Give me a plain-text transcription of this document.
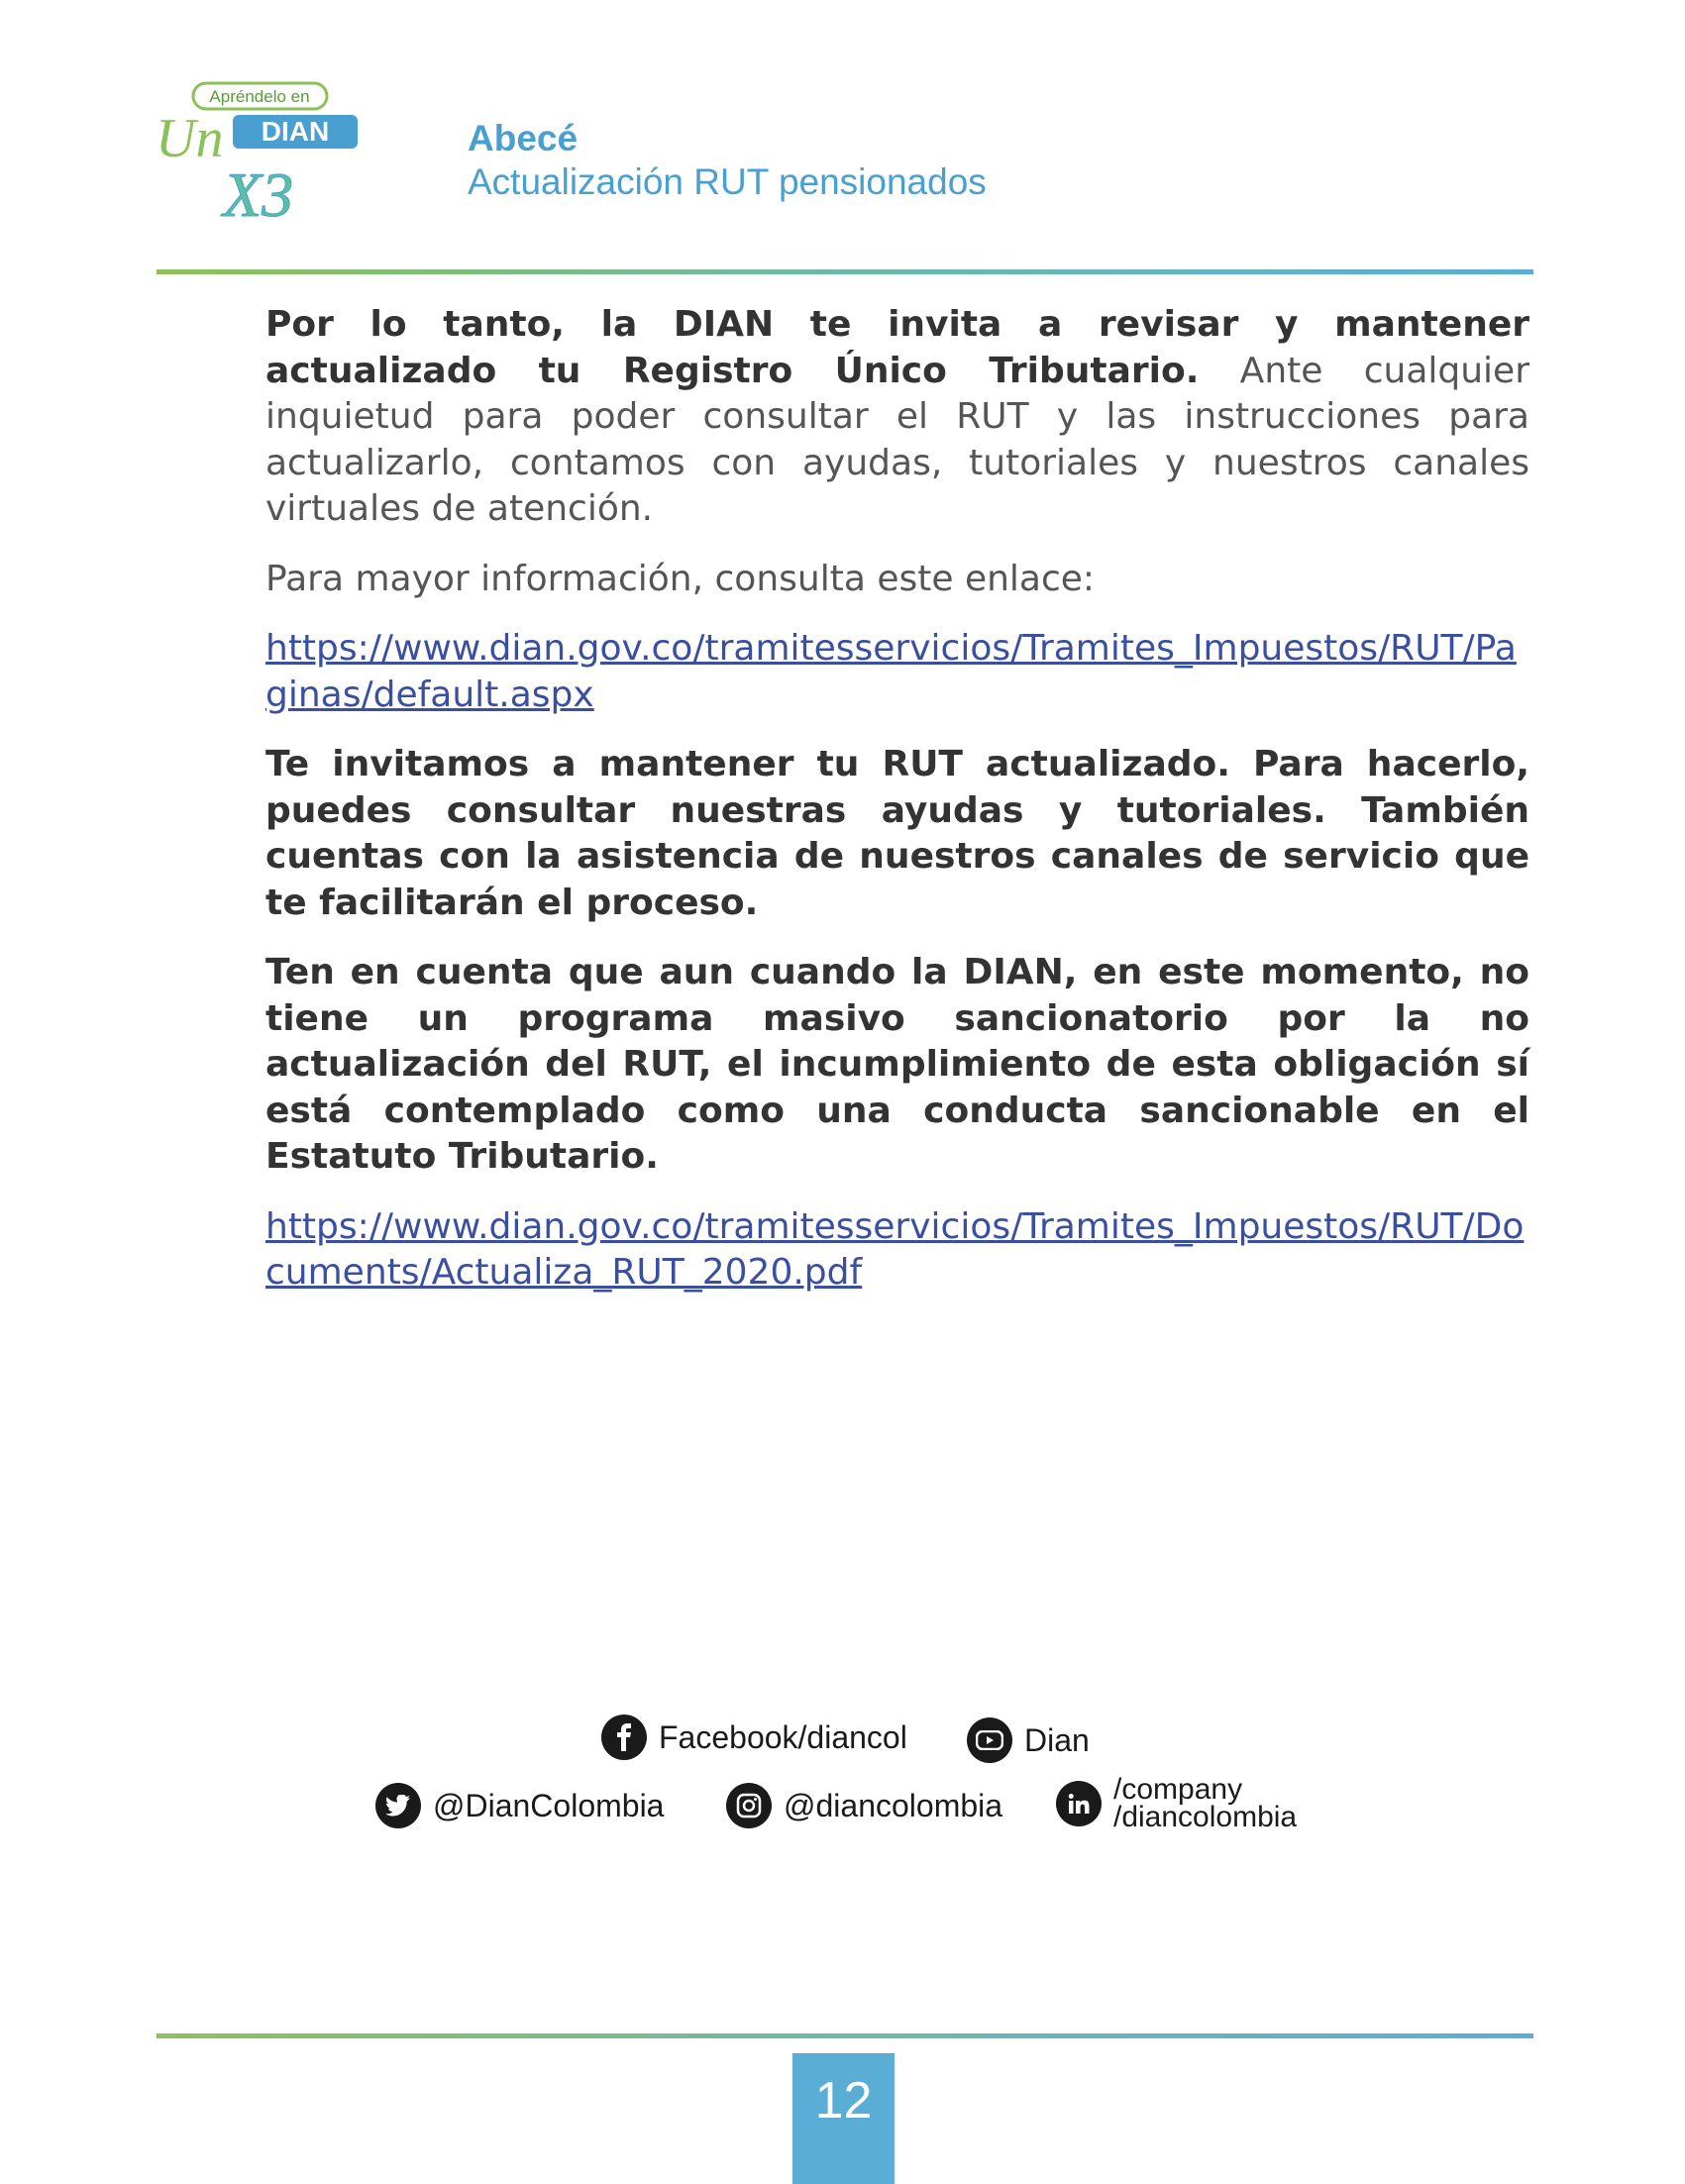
Apréndelo en
DIAN
Un
X3
Abecé
Actualización RUT pensionados

Por lo tanto, la DIAN te invita a revisar y mantener actualizado tu Registro Único Tributario. Ante cualquier inquietud para poder consultar el RUT y las instrucciones para actualizarlo, contamos con ayudas, tutoriales y nuestros canales virtuales de atención.

Para mayor información, consulta este enlace:

https://www.dian.gov.co/tramitesservicios/Tramites_Impuestos/RUT/Paginas/default.aspx

Te invitamos a mantener tu RUT actualizado. Para hacerlo, puedes consultar nuestras ayudas y tutoriales. También cuentas con la asistencia de nuestros canales de servicio que te facilitarán el proceso.

Ten en cuenta que aun cuando la DIAN, en este momento, no tiene un programa masivo sancionatorio por la no actualización del RUT, el incumplimiento de esta obligación sí está contemplado como una conducta sancionable en el Estatuto Tributario.

https://www.dian.gov.co/tramitesservicios/Tramites_Impuestos/RUT/Documents/Actualiza_RUT_2020.pdf

Facebook/diancol	Dian
@DianColombia	@diancolombia	/company
/diancolombia
12
